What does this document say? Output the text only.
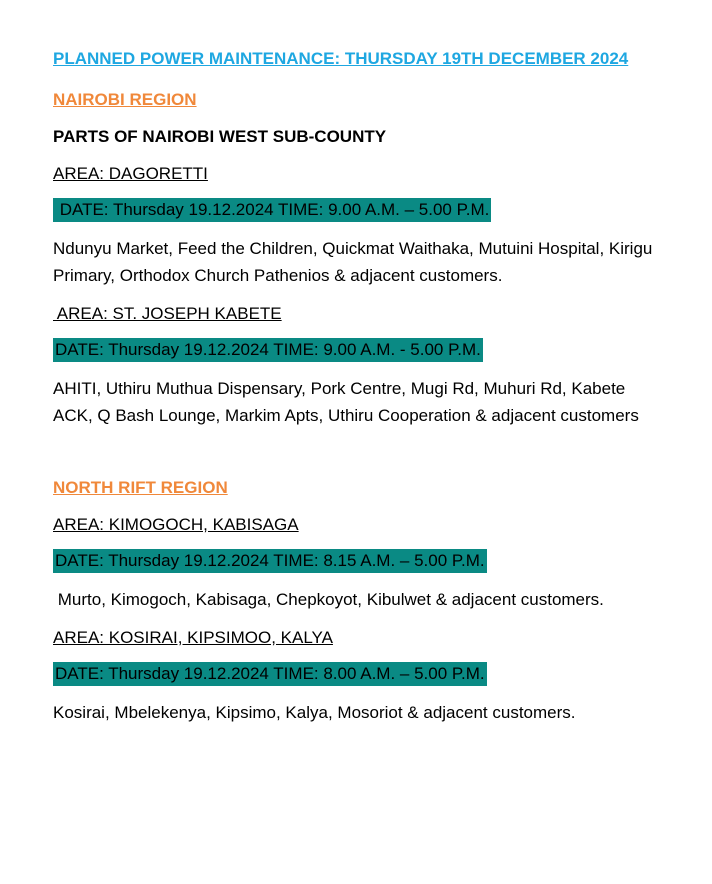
PLANNED POWER MAINTENANCE: THURSDAY 19TH DECEMBER 2024
NAIROBI REGION
PARTS OF NAIROBI WEST SUB-COUNTY
AREA: DAGORETTI
DATE: Thursday 19.12.2024 TIME: 9.00 A.M. – 5.00 P.M.
Ndunyu Market, Feed the Children, Quickmat Waithaka, Mutuini Hospital, Kirigu Primary, Orthodox Church Pathenios & adjacent customers.
AREA: ST. JOSEPH KABETE
DATE: Thursday 19.12.2024 TIME: 9.00 A.M. - 5.00 P.M.
AHITI, Uthiru Muthua Dispensary, Pork Centre, Mugi Rd, Muhuri Rd, Kabete ACK, Q Bash Lounge, Markim Apts, Uthiru Cooperation & adjacent customers
NORTH RIFT REGION
AREA: KIMOGOCH, KABISAGA
DATE: Thursday 19.12.2024 TIME: 8.15 A.M. – 5.00 P.M.
Murto, Kimogoch, Kabisaga, Chepkoyot, Kibulwet & adjacent customers.
AREA: KOSIRAI, KIPSIMOO, KALYA
DATE: Thursday 19.12.2024 TIME: 8.00 A.M. – 5.00 P.M.
Kosirai, Mbelekenya, Kipsimo, Kalya, Mosoriot & adjacent customers.
